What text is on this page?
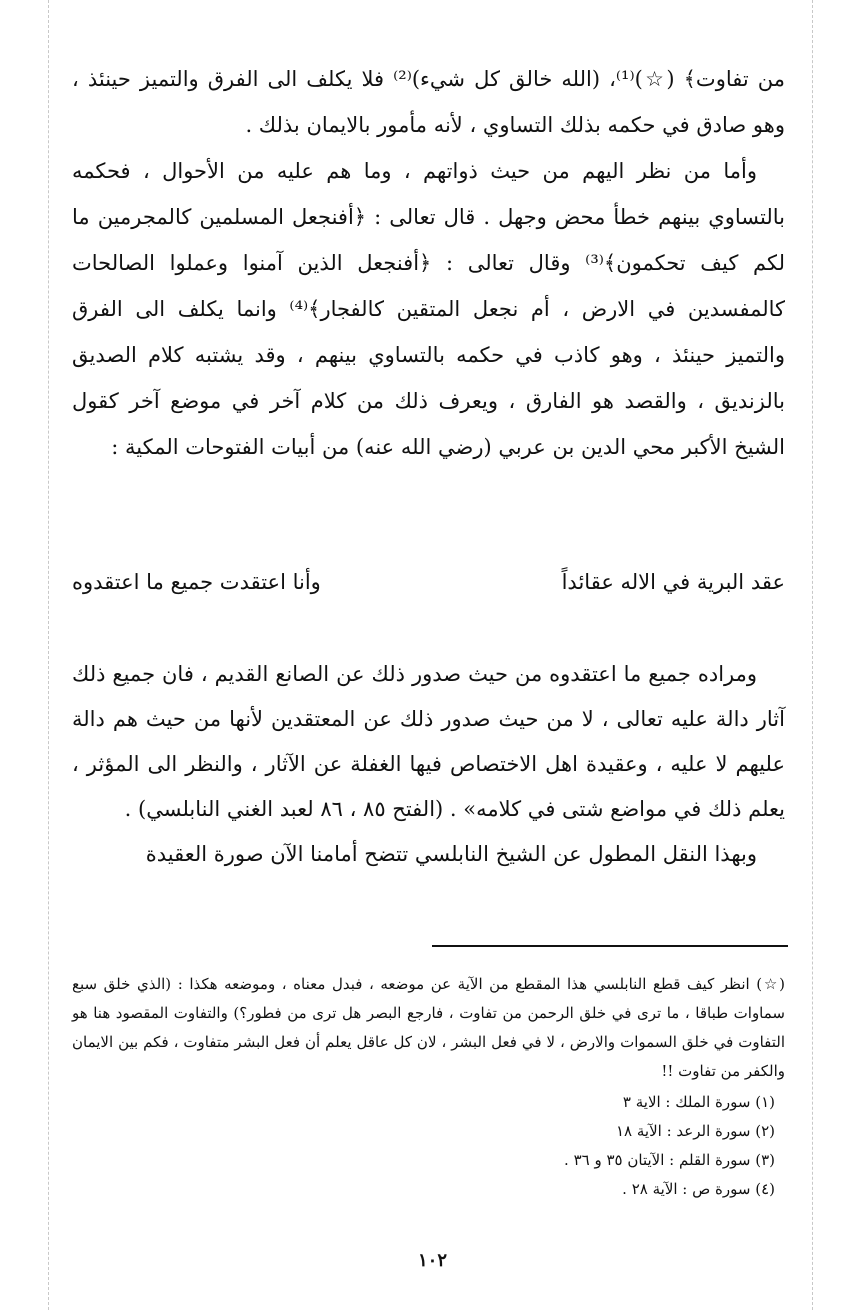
من تفاوت﴾ (☆)⁽¹⁾، (الله خالق كل شيء)⁽²⁾ فلا يكلف الى الفرق والتميز حينئذ ، وهو صادق في حكمه بذلك التساوي ، لأنه مأمور بالايمان بذلك .

وأما من نظر اليهم من حيث ذواتهم ، وما هم عليه من الأحوال ، فحكمه بالتساوي بينهم خطأ محض وجهل . قال تعالى : ﴿أفنجعل المسلمين كالمجرمين ما لكم كيف تحكمون﴾⁽³⁾ وقال تعالى : ﴿أفنجعل الذين آمنوا وعملوا الصالحات كالمفسدين في الارض ، أم نجعل المتقين كالفجار﴾⁽⁴⁾ وانما يكلف الى الفرق والتميز حينئذ ، وهو كاذب في حكمه بالتساوي بينهم ، وقد يشتبه كلام الصديق بالزنديق ، والقصد هو الفارق ، ويعرف ذلك من كلام آخر في موضع آخر كقول الشيخ الأكبر محي الدين بن عربي (رضي الله عنه) من أبيات الفتوحات المكية :

عقد البرية في الاله عقائداً
وأنا اعتقدت جميع ما اعتقدوه

ومراده جميع ما اعتقدوه من حيث صدور ذلك عن الصانع القديم ، فان جميع ذلك آثار دالة عليه تعالى ، لا من حيث صدور ذلك عن المعتقدين لأنها من حيث هم دالة عليهم لا عليه ، وعقيدة اهل الاختصاص فيها الغفلة عن الآثار ، والنظر الى المؤثر ، يعلم ذلك في مواضع شتى في كلامه» . (الفتح ٨٥ ، ٨٦ لعبد الغني النابلسي) .

وبهذا النقل المطول عن الشيخ النابلسي تتضح أمامنا الآن صورة العقيدة

(☆) انظر كيف قطع النابلسي هذا المقطع من الآية عن موضعه ، فبدل معناه ، وموضعه هكذا : (الذي خلق سبع سماوات طباقا ، ما ترى في خلق الرحمن من تفاوت ، فارجع البصر هل ترى من فطور؟) والتفاوت المقصود هنا هو التفاوت في خلق السموات والارض ، لا في فعل البشر ، لان كل عاقل يعلم أن فعل البشر متفاوت ، فكم بين الايمان والكفر من تفاوت !!

(١) سورة الملك : الاية ٣
(٢) سورة الرعد : الآية ١٨
(٣) سورة القلم : الآيتان ٣٥ و ٣٦ .
(٤) سورة ص : الآية ٢٨ .
١٠٢
